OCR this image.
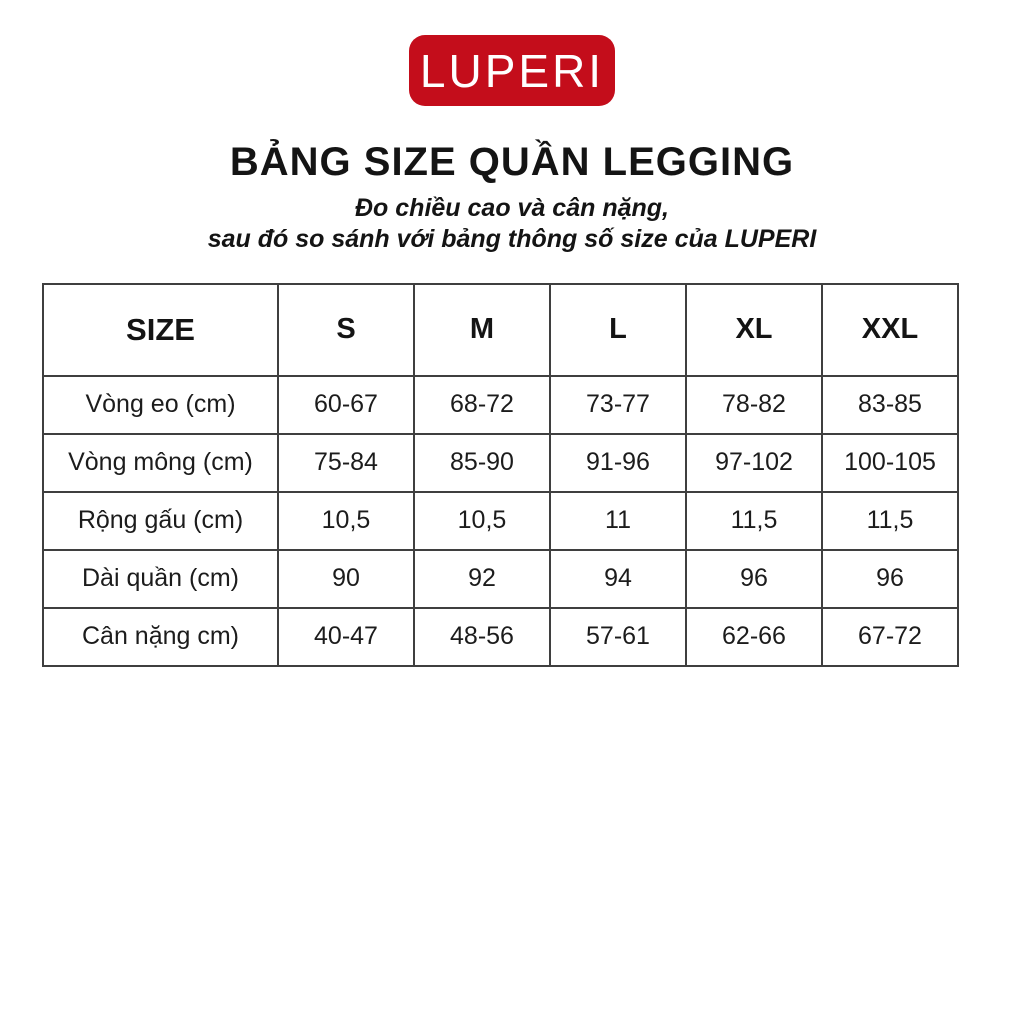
LUPERI
BẢNG SIZE QUẦN LEGGING
Đo chiều cao và cân nặng,
sau đó so sánh với bảng thông số size của LUPERI
SIZE	S	M	L	XL	XXL
Vòng eo (cm)	60-67	68-72	73-77	78-82	83-85
Vòng mông (cm)	75-84	85-90	91-96	97-102	100-105
Rộng gấu (cm)	10,5	10,5	11	11,5	11,5
Dài quần (cm)	90	92	94	96	96
Cân nặng cm)	40-47	48-56	57-61	62-66	67-72
